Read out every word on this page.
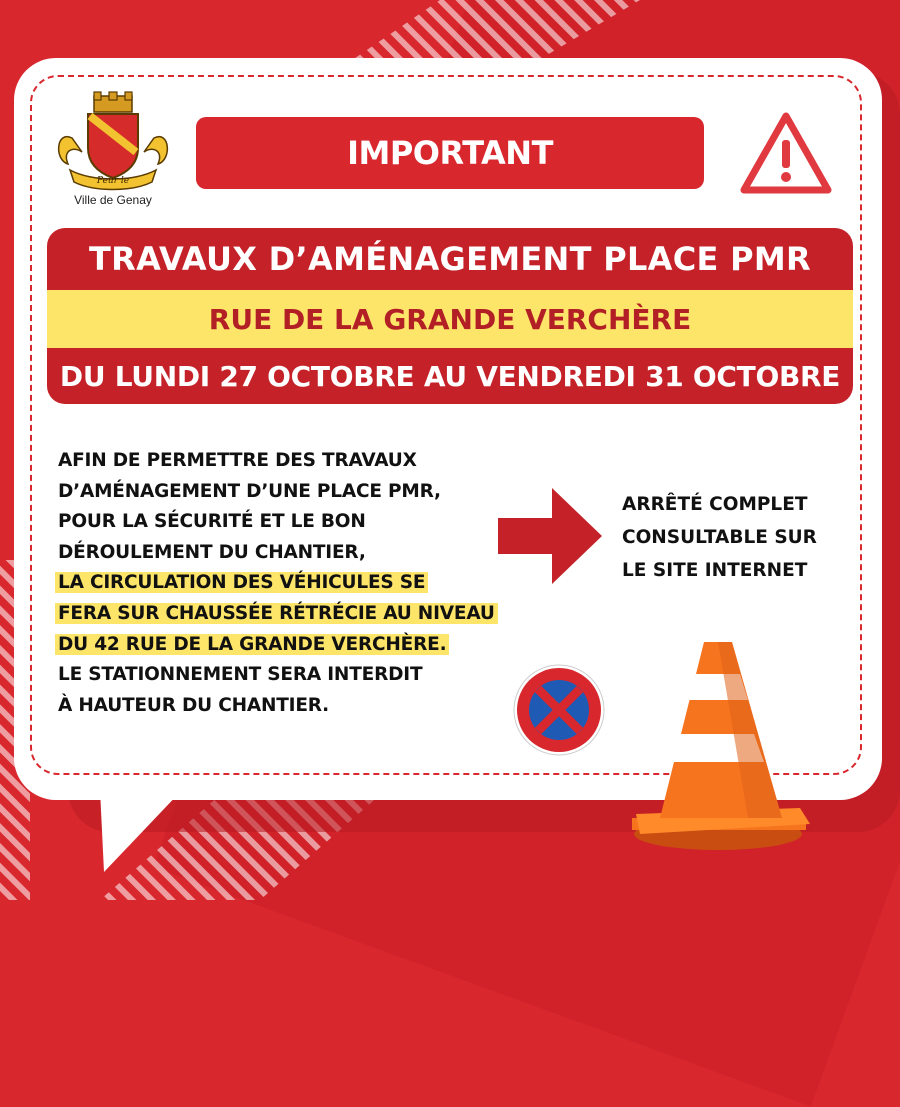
Peur le
Ville de Genay
IMPORTANT
TRAVAUX D’AMÉNAGEMENT PLACE PMR
RUE DE LA GRANDE VERCHÈRE
DU LUNDI 27 OCTOBRE AU VENDREDI 31 OCTOBRE
AFIN DE PERMETTRE DES TRAVAUX
D’AMÉNAGEMENT D’UNE PLACE PMR,
POUR LA SÉCURITÉ ET LE BON
DÉROULEMENT DU CHANTIER,
LA CIRCULATION DES VÉHICULES SE
FERA SUR CHAUSSÉE RÉTRÉCIE AU NIVEAU
DU 42 RUE DE LA GRANDE VERCHÈRE.
LE STATIONNEMENT SERA INTERDIT
À HAUTEUR DU CHANTIER.
ARRÊTÉ COMPLET
CONSULTABLE SUR
LE SITE INTERNET
